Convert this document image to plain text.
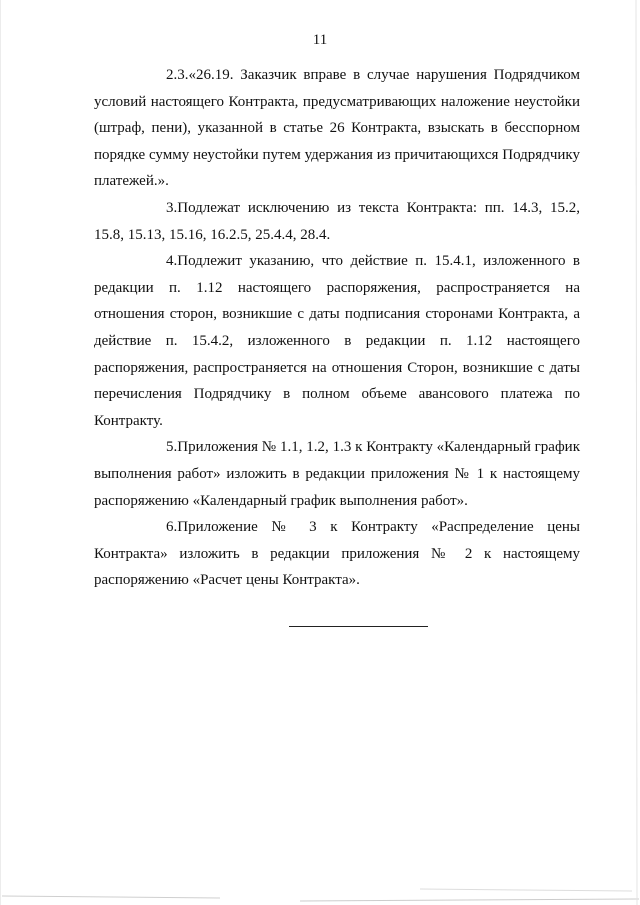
11

2.3.«26.19. Заказчик вправе в случае нарушения Подрядчиком условий настоящего Контракта, предусматривающих наложение неустойки (штраф, пени), указанной в статье 26 Контракта, взыскать в бесспорном порядке сумму неустойки путем удержания из причитающихся Подрядчику платежей.».

3.Подлежат исключению из текста Контракта: пп. 14.3, 15.2, 15.8, 15.13, 15.16, 16.2.5, 25.4.4, 28.4.

4.Подлежит указанию, что действие п. 15.4.1, изложенного в редакции п. 1.12 настоящего распоряжения, распространяется на отношения сторон, возникшие с даты подписания сторонами Контракта, а действие п. 15.4.2, изложенного в редакции п. 1.12 настоящего распоряжения, распространяется на отношения Сторон, возникшие с даты перечисления Подрядчику в полном объеме авансового платежа по Контракту.

5.Приложения № 1.1, 1.2, 1.3 к Контракту «Календарный график выполнения работ» изложить в редакции приложения № 1 к настоящему распоряжению «Календарный график выполнения работ».

6.Приложение № 3 к Контракту «Распределение цены Контракта» изложить в редакции приложения № 2 к настоящему распоряжению «Расчет цены Контракта».
